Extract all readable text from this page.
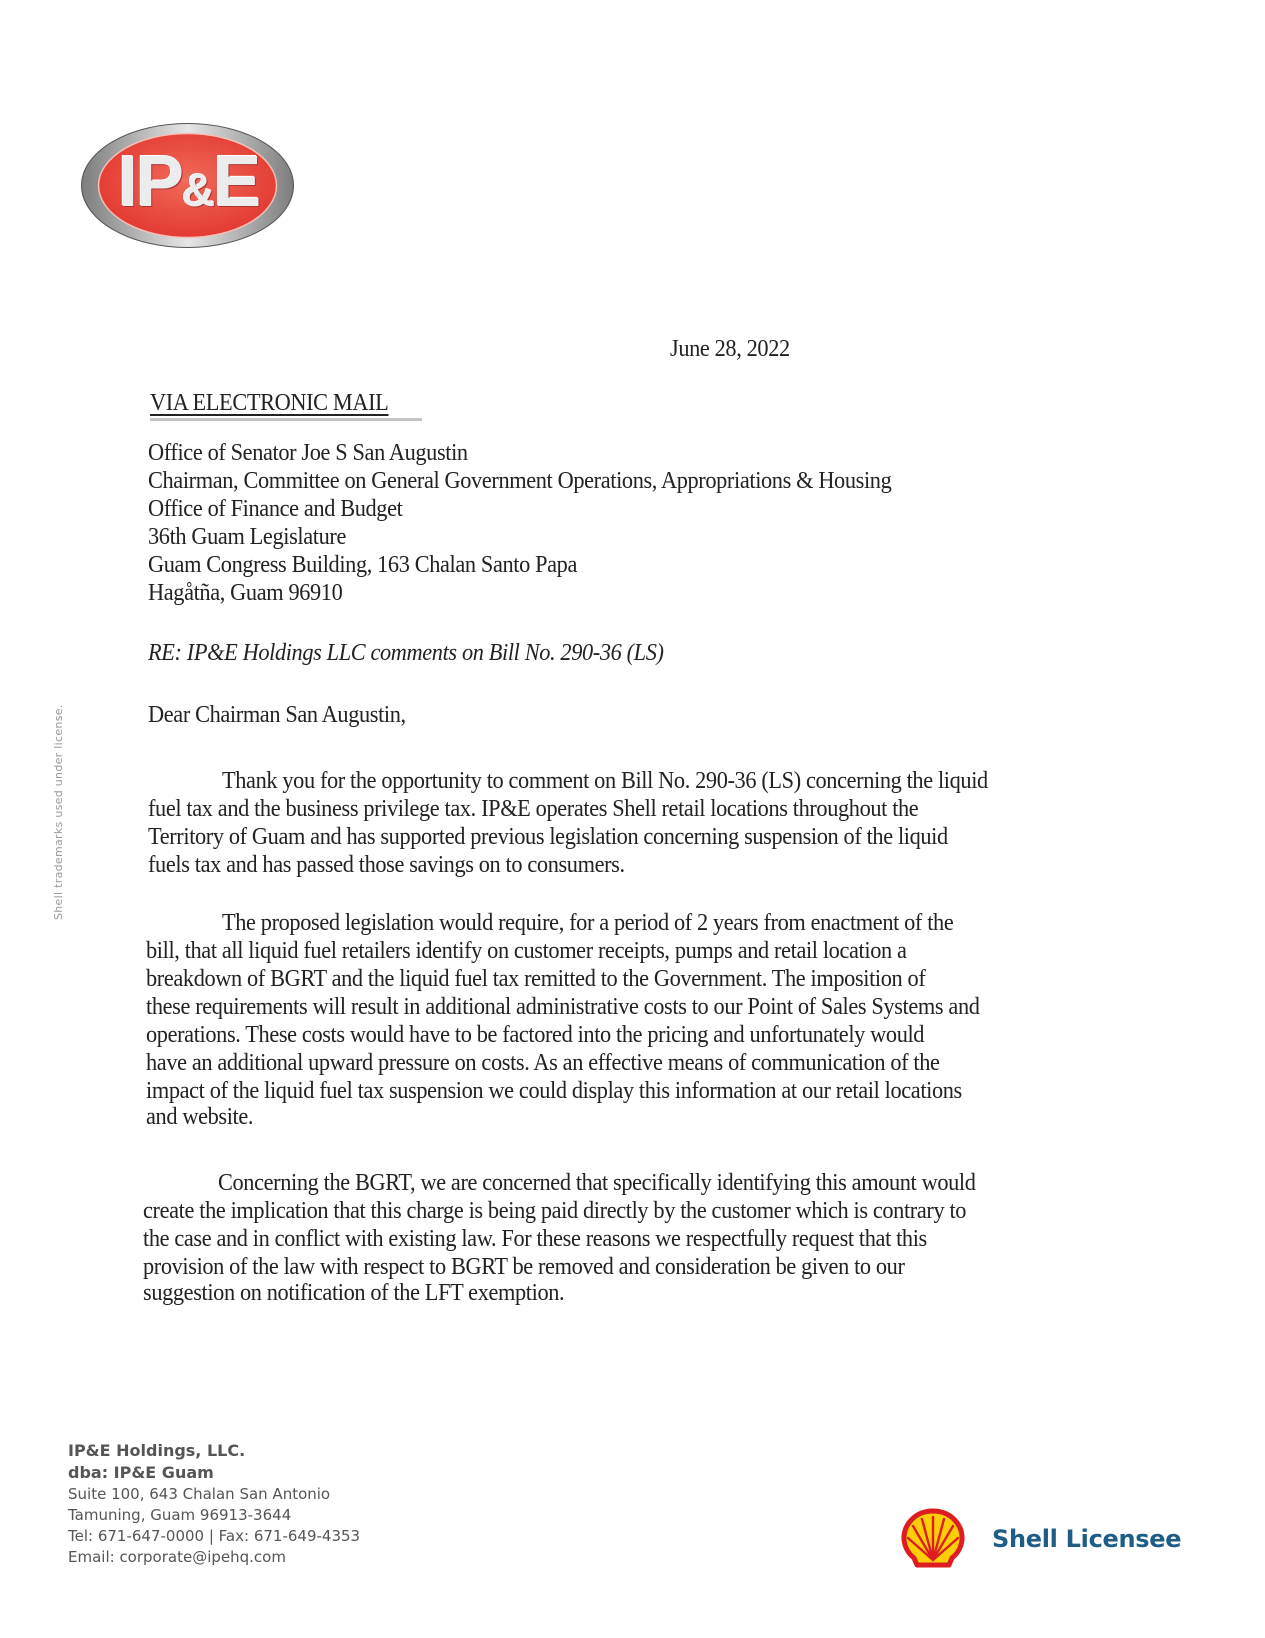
IP&E
June 28, 2022
VIA ELECTRONIC MAIL
Office of Senator Joe S San Augustin
Chairman, Committee on General Government Operations, Appropriations & Housing
Office of Finance and Budget
36th Guam Legislature
Guam Congress Building, 163 Chalan Santo Papa
Hagåtña, Guam 96910
RE: IP&E Holdings LLC comments on Bill No. 290-36 (LS)
Dear Chairman San Augustin,
Thank you for the opportunity to comment on Bill No. 290-36 (LS) concerning the liquid
fuel tax and the business privilege tax. IP&E operates Shell retail locations throughout the
Territory of Guam and has supported previous legislation concerning suspension of the liquid
fuels tax and has passed those savings on to consumers.
The proposed legislation would require, for a period of 2 years from enactment of the
bill, that all liquid fuel retailers identify on customer receipts, pumps and retail location a
breakdown of BGRT and the liquid fuel tax remitted to the Government. The imposition of
these requirements will result in additional administrative costs to our Point of Sales Systems and
operations. These costs would have to be factored into the pricing and unfortunately would
have an additional upward pressure on costs. As an effective means of communication of the
impact of the liquid fuel tax suspension we could display this information at our retail locations
and website.
Concerning the BGRT, we are concerned that specifically identifying this amount would
create the implication that this charge is being paid directly by the customer which is contrary to
the case and in conflict with existing law. For these reasons we respectfully request that this
provision of the law with respect to BGRT be removed and consideration be given to our
suggestion on notification of the LFT exemption.
Shell trademarks used under license.
IP&E Holdings, LLC.
dba: IP&E Guam
Suite 100, 643 Chalan San Antonio
Tamuning, Guam 96913-3644
Tel: 671-647-0000 | Fax: 671-649-4353
Email: corporate@ipehq.com
Shell Licensee
